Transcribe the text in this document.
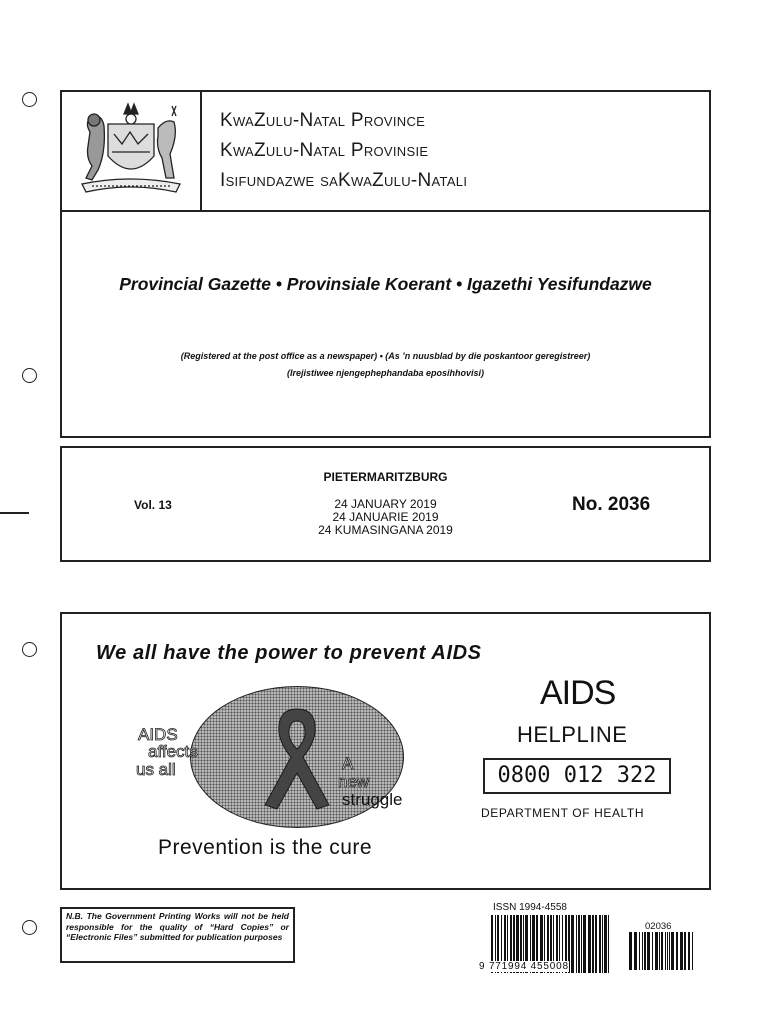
KwaZulu-Natal Province
KwaZulu-Natal Provinsie
Isifundazwe saKwaZulu-Natali
Provincial Gazette • Provinsiale Koerant • Igazethi Yesifundazwe
(Registered at the post office as a newspaper) • (As ’n nuusblad by die poskantoor geregistreer)
(Irejistiwee njengephephandaba eposihhovisi)
PIETERMARITZBURG
Vol. 13	24 JANUARY 2019
24 JANUARIE 2019
24 KUMASINGANA 2019
No. 2036
We all have the power to prevent AIDS
AIDS
affects
us all	A
new
struggle
Prevention is the cure
AIDS
HELPLINE
0800 012 322
DEPARTMENT OF HEALTH
N.B. The Government Printing Works will not be held responsible for the quality of “Hard Copies” or “Electronic Files” submitted for publication purposes
ISSN 1994-4558
9 771994 455008
02036
